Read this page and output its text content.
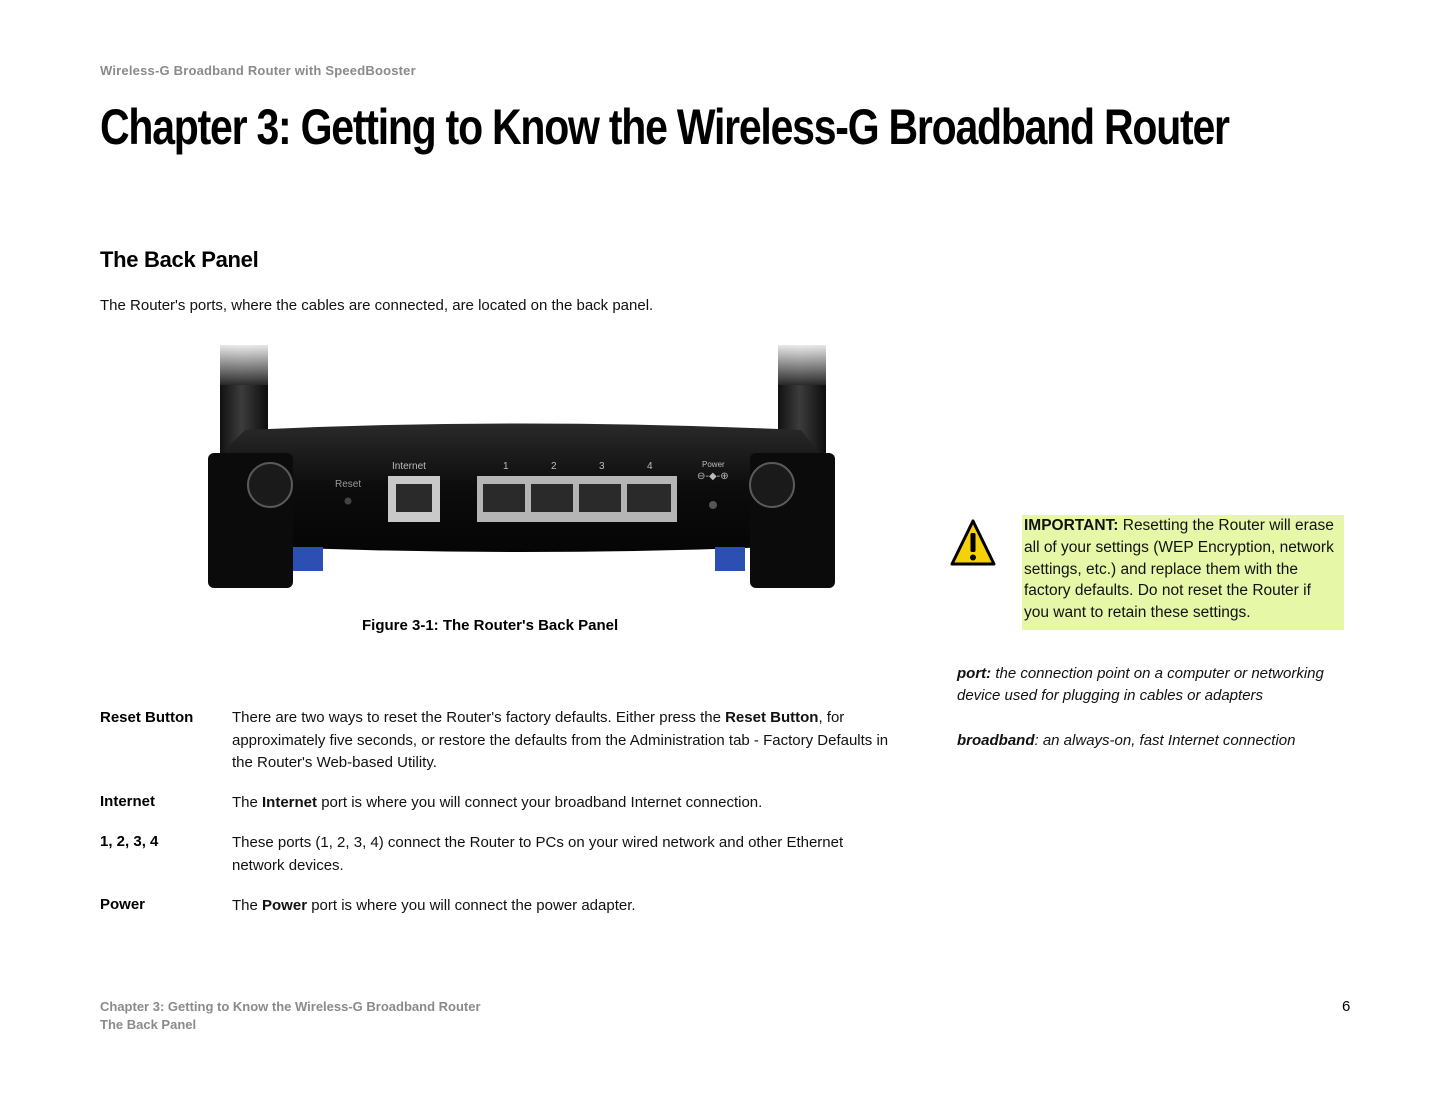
Wireless-G Broadband Router with SpeedBooster
Chapter 3: Getting to Know the Wireless-G Broadband Router
The Back Panel
The Router's ports, where the cables are connected, are located on the back panel.
Reset
Internet	1	2	3	4	Power
⊖-◆-⊕
Figure 3-1: The Router's Back Panel
Reset Button	There are two ways to reset the Router's factory defaults. Either press the Reset Button, for approximately five seconds, or restore the defaults from the Administration tab - Factory Defaults in the Router's Web-based Utility.
Internet	The Internet port is where you will connect your broadband Internet connection.
1, 2, 3, 4	These ports (1, 2, 3, 4) connect the Router to PCs on your wired network and other Ethernet network devices.
Power	The Power port is where you will connect the power adapter.
IMPORTANT: Resetting the Router will erase all of your settings (WEP Encryption, network settings, etc.) and replace them with the factory defaults. Do not reset the Router if you want to retain these settings.
port: the connection point on a computer or networking device used for plugging in cables or adapters
broadband: an always-on, fast Internet connection
Chapter 3: Getting to Know the Wireless-G Broadband Router
The Back Panel
6
